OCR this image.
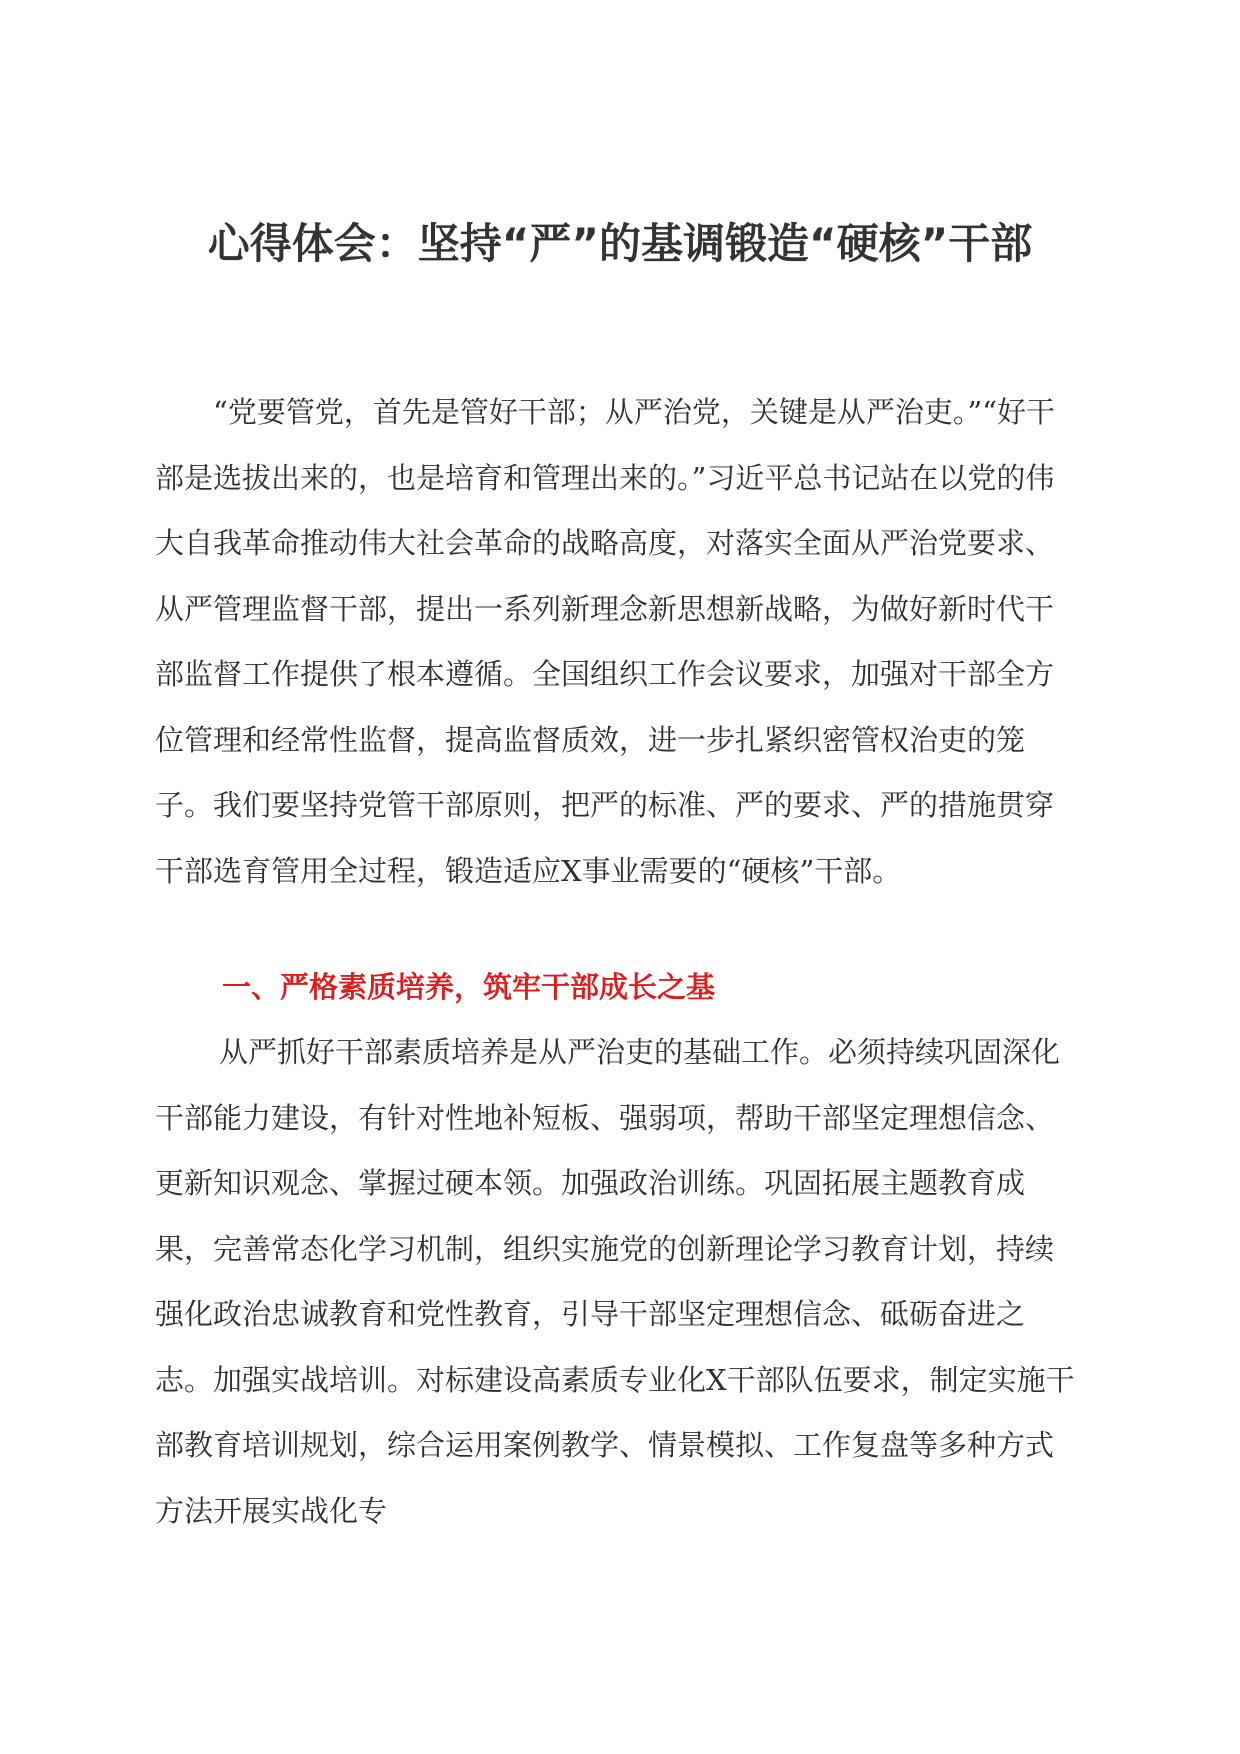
心得体会：坚持“严”的基调锻造“硬核”干部

“党要管党，首先是管好干部；从严治党，关键是从严治吏。”“好干部是选拔出来的，也是培育和管理出来的。”习近平总书记站在以党的伟大自我革命推动伟大社会革命的战略高度，对落实全面从严治党要求、从严管理监督干部，提出一系列新理念新思想新战略，为做好新时代干部监督工作提供了根本遵循。全国组织工作会议要求，加强对干部全方位管理和经常性监督，提高监督质效，进一步扎紧织密管权治吏的笼子。我们要坚持党管干部原则，把严的标准、严的要求、严的措施贯穿干部选育管用全过程，锻造适应X事业需要的“硬核”干部。

一、严格素质培养，筑牢干部成长之基

从严抓好干部素质培养是从严治吏的基础工作。必须持续巩固深化干部能力建设，有针对性地补短板、强弱项，帮助干部坚定理想信念、更新知识观念、掌握过硬本领。加强政治训练。巩固拓展主题教育成果，完善常态化学习机制，组织实施党的创新理论学习教育计划，持续强化政治忠诚教育和党性教育，引导干部坚定理想信念、砥砺奋进之志。加强实战培训。对标建设高素质专业化X干部队伍要求，制定实施干部教育培训规划，综合运用案例教学、情景模拟、工作复盘等多种方式方法开展实战化专
